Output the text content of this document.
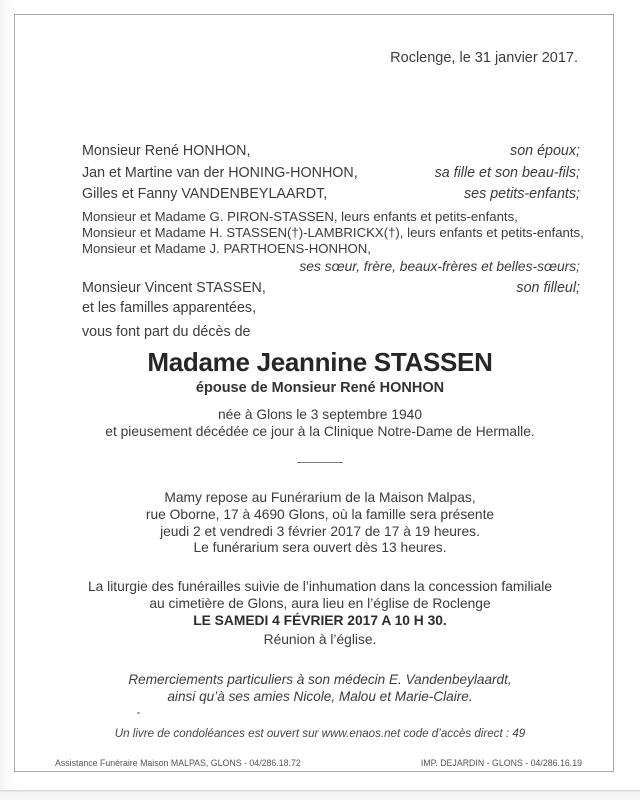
Roclenge, le 31 janvier 2017.
Monsieur René HONHON,	son époux;
Jan et Martine van der HONING-HONHON,	sa fille et son beau-fils;
Gilles et Fanny VANDENBEYLAARDT,	ses petits-enfants;
Monsieur et Madame G. PIRON-STASSEN, leurs enfants et petits-enfants,
Monsieur et Madame H. STASSEN(†)-LAMBRICKX(†), leurs enfants et petits-enfants,
Monsieur et Madame J. PARTHOENS-HONHON,
ses sœur, frère, beaux-frères et belles-sœurs;
Monsieur Vincent STASSEN,	son filleul;
et les familles apparentées,
vous font part du décès de
Madame Jeannine STASSEN
épouse de Monsieur René HONHON
née à Glons le 3 septembre 1940
et pieusement décédée ce jour à la Clinique Notre-Dame de Hermalle.
Mamy repose au Funérarium de la Maison Malpas,
rue Oborne, 17 à 4690 Glons, où la famille sera présente
jeudi 2 et vendredi 3 février 2017 de 17 à 19 heures.
Le funérarium sera ouvert dès 13 heures.
La liturgie des funérailles suivie de l’inhumation dans la concession familiale
au cimetière de Glons, aura lieu en l’église de Roclenge
LE SAMEDI 4 FÉVRIER 2017 A 10 H 30.
Réunion à l’église.
Remerciements particuliers à son médecin E. Vandenbeylaardt,
ainsi qu’à ses amies Nicole, Malou et Marie-Claire.
Un livre de condoléances est ouvert sur www.enaos.net code d’accès direct : 49
Assistance Funéraire Maison MALPAS, GLONS - 04/286.18.72	IMP. DEJARDIN - GLONS - 04/286.16.19
